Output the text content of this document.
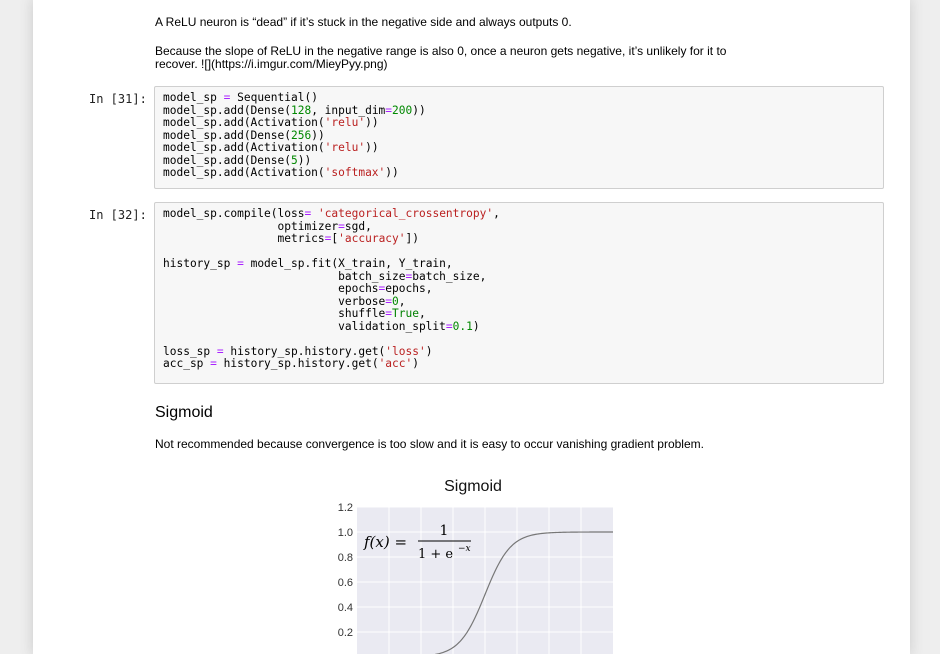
A ReLU neuron is “dead” if it’s stuck in the negative side and always outputs 0.
Because the slope of ReLU in the negative range is also 0, once a neuron gets negative, it’s unlikely for it to
recover. ![](https://i.imgur.com/MieyPyy.png)
In [31]:	model_sp = Sequential()
model_sp.add(Dense(128, input_dim=200))
model_sp.add(Activation('relu'))
model_sp.add(Dense(256))
model_sp.add(Activation('relu'))
model_sp.add(Dense(5))
model_sp.add(Activation('softmax'))
In [32]:	model_sp.compile(loss= 'categorical_crossentropy',
optimizer=sgd,
metrics=['accuracy'])

history_sp = model_sp.fit(X_train, Y_train,
batch_size=batch_size,
epochs=epochs,
verbose=0,
shuffle=True,
validation_split=0.1)

loss_sp = history_sp.history.get('loss')
acc_sp = history_sp.history.get('acc')
Sigmoid
Not recommended because convergence is too slow and it is easy to occur vanishing gradient problem.
1.2
1.0
0.8
0.6
0.4
0.2
Sigmoid
f(x) =
1
1 + e −x
